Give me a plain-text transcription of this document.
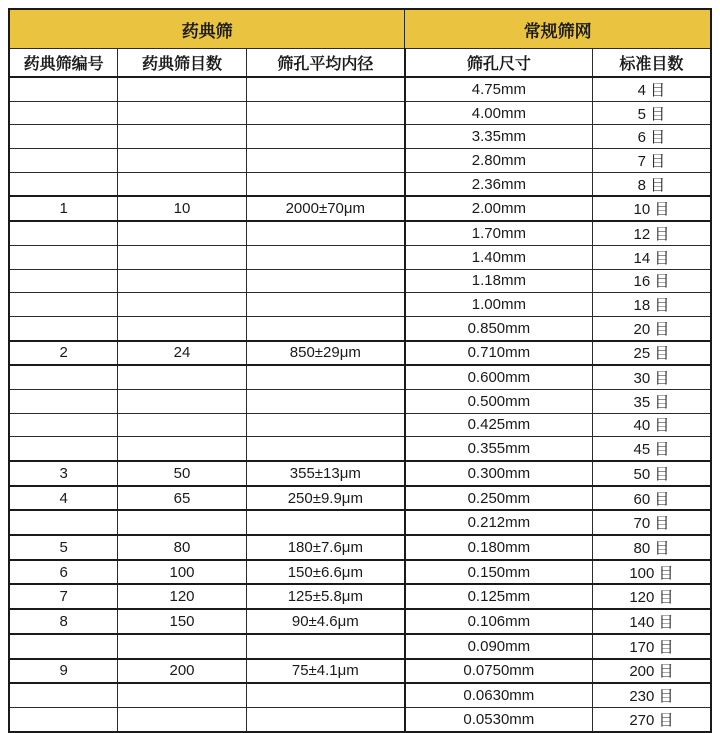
药典筛			常规筛网	
药典筛编号	药典筛目数	筛孔平均内径	筛孔尺寸	标准目数
			4.75mm	4 目
			4.00mm	5 目
			3.35mm	6 目
			2.80mm	7 目
			2.36mm	8 目
1	10	2000±70μm	2.00mm	10 目
			1.70mm	12 目
			1.40mm	14 目
			1.18mm	16 目
			1.00mm	18 目
			0.850mm	20 目
2	24	850±29μm	0.710mm	25 目
			0.600mm	30 目
			0.500mm	35 目
			0.425mm	40 目
			0.355mm	45 目
3	50	355±13μm	0.300mm	50 目
4	65	250±9.9μm	0.250mm	60 目
			0.212mm	70 目
5	80	180±7.6μm	0.180mm	80 目
6	100	150±6.6μm	0.150mm	100 目
7	120	125±5.8μm	0.125mm	120 目
8	150	90±4.6μm	0.106mm	140 目
			0.090mm	170 目
9	200	75±4.1μm	0.0750mm	200 目
			0.0630mm	230 目
			0.0530mm	270 目
